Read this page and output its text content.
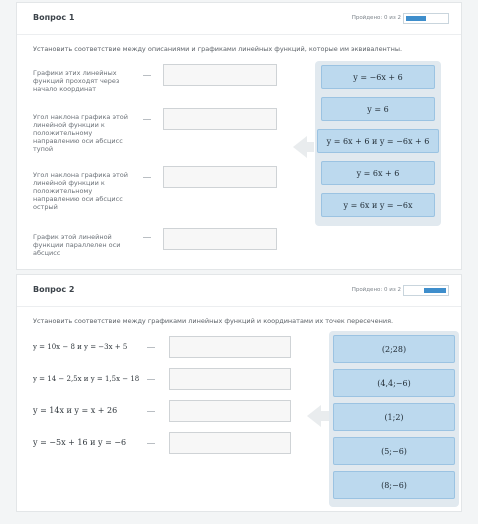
Вопрос 1	Пройдено: 0 из 2
Установить соответствие между описаниями и графиками линейных функций, которые им эквивалентны.
Графики этих линейных функций проходят через начало координат
Угол наклона графика этой линейной функции к положительному направлению оси абсцисс тупой
Угол наклона графика этой линейной функции к положительному направлению оси абсцисс острый
График этой линейной функции параллелен оси абсцисс
y = −6x + 6
y = 6
y = 6x + 6 и y = −6x + 6
y = 6x + 6
y = 6x и y = −6x
Вопрос 2	Пройдено: 0 из 2
Установить соответствие между графиками линейных функций и координатами их точек пересечения.
y = 10x − 8 и y = −3x + 5
y = 14 − 2,5x и y = 1,5x − 18
y = 14x и y = x + 26
y = −5x + 16 и y = −6
(2;28)
(4,4;−6)
(1;2)
(5;−6)
(8;−6)
